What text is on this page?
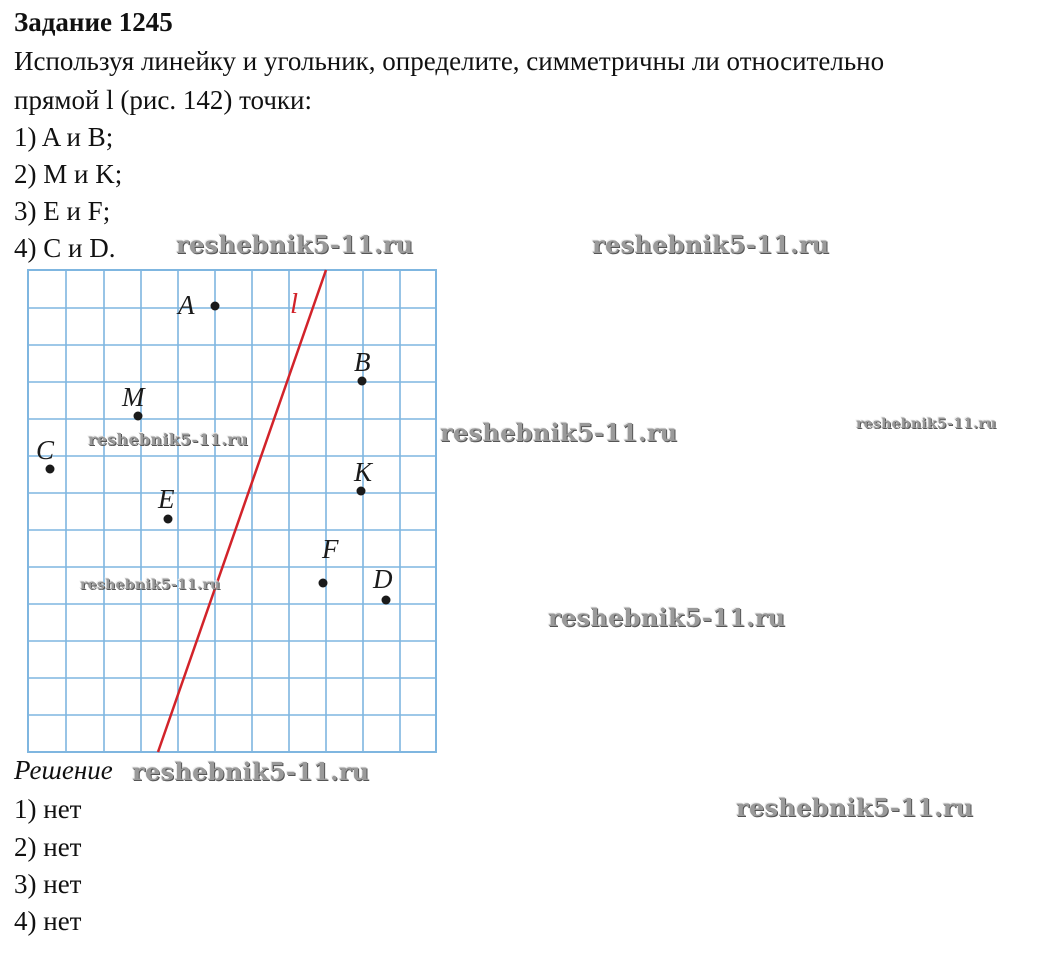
Задание 1245
Используя линейку и угольник, определите, симметричны ли относительно
прямой l (рис. 142) точки:
1) A и B;
2) M и K;
3) E и F;
4) C и D.
l
A
B
M
C
K
E
F
D
Решение
1) нет
2) нет
3) нет
4) нет
reshebnik5-11.ru	reshebnik5-11.ru
reshebnik5-11.ru	reshebnik5-11.ru
reshebnik5-11.ru
reshebnik5-11.ru
reshebnik5-11.ru
reshebnik5-11.ru
reshebnik5-11.ru
